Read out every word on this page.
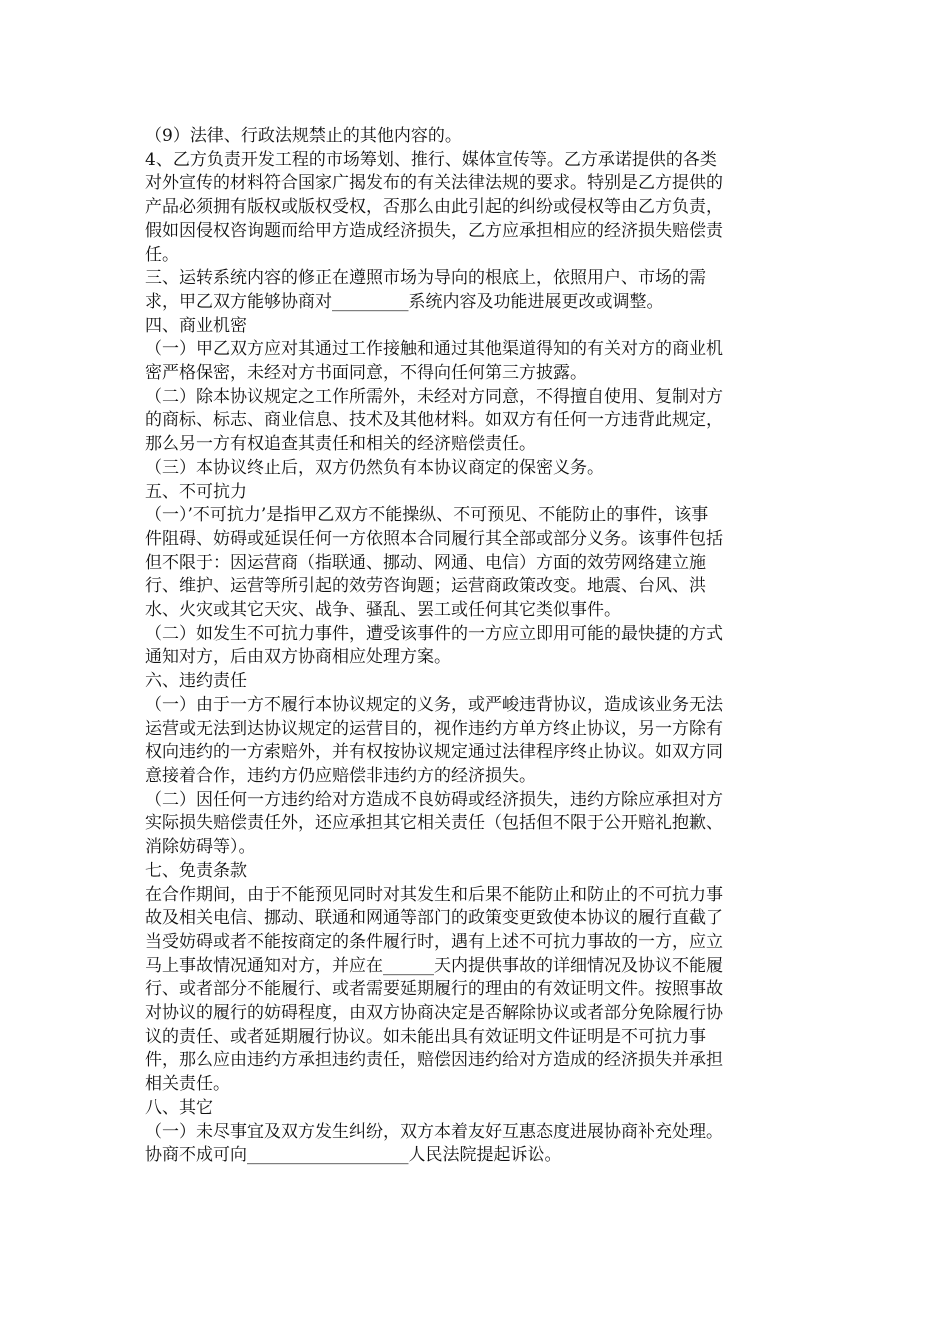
（9）法律、行政法规禁止的其他内容的。

4、乙方负责开发工程的市场筹划、推行、媒体宣传等。乙方承诺提供的各类

对外宣传的材料符合国家广揭发布的有关法律法规的要求。特别是乙方提供的

产品必须拥有版权或版权受权，否那么由此引起的纠纷或侵权等由乙方负责，

假如因侵权咨询题而给甲方造成经济损失，乙方应承担相应的经济损失赔偿责

任。

三、运转系统内容的修正在遵照市场为导向的根底上，依照用户、市场的需

求，甲乙双方能够协商对_________系统内容及功能进展更改或调整。

四、商业机密

（一）甲乙双方应对其通过工作接触和通过其他渠道得知的有关对方的商业机

密严格保密，未经对方书面同意，不得向任何第三方披露。

（二）除本协议规定之工作所需外，未经对方同意，不得擅自使用、复制对方

的商标、标志、商业信息、技术及其他材料。如双方有任何一方违背此规定，

那么另一方有权追查其责任和相关的经济赔偿责任。

（三）本协议终止后，双方仍然负有本协议商定的保密义务。

五、不可抗力

（一）’不可抗力’是指甲乙双方不能操纵、不可预见、不能防止的事件，该事

件阻碍、妨碍或延误任何一方依照本合同履行其全部或部分义务。该事件包括

但不限于：因运营商（指联通、挪动、网通、电信）方面的效劳网络建立施

行、维护、运营等所引起的效劳咨询题；运营商政策改变。地震、台风、洪

水、火灾或其它天灾、战争、骚乱、罢工或任何其它类似事件。

（二）如发生不可抗力事件，遭受该事件的一方应立即用可能的最快捷的方式

通知对方，后由双方协商相应处理方案。

六、违约责任

（一）由于一方不履行本协议规定的义务，或严峻违背协议，造成该业务无法

运营或无法到达协议规定的运营目的，视作违约方单方终止协议，另一方除有

权向违约的一方索赔外，并有权按协议规定通过法律程序终止协议。如双方同

意接着合作，违约方仍应赔偿非违约方的经济损失。

（二）因任何一方违约给对方造成不良妨碍或经济损失，违约方除应承担对方

实际损失赔偿责任外，还应承担其它相关责任（包括但不限于公开赔礼抱歉、

消除妨碍等）。

七、免责条款

在合作期间，由于不能预见同时对其发生和后果不能防止和防止的不可抗力事

故及相关电信、挪动、联通和网通等部门的政策变更致使本协议的履行直截了

当受妨碍或者不能按商定的条件履行时，遇有上述不可抗力事故的一方，应立

马上事故情况通知对方，并应在______天内提供事故的详细情况及协议不能履

行、或者部分不能履行、或者需要延期履行的理由的有效证明文件。按照事故

对协议的履行的妨碍程度，由双方协商决定是否解除协议或者部分免除履行协

议的责任、或者延期履行协议。如未能出具有效证明文件证明是不可抗力事

件，那么应由违约方承担违约责任，赔偿因违约给对方造成的经济损失并承担

相关责任。

八、其它

（一）未尽事宜及双方发生纠纷，双方本着友好互惠态度进展协商补充处理。

协商不成可向___________________人民法院提起诉讼。
